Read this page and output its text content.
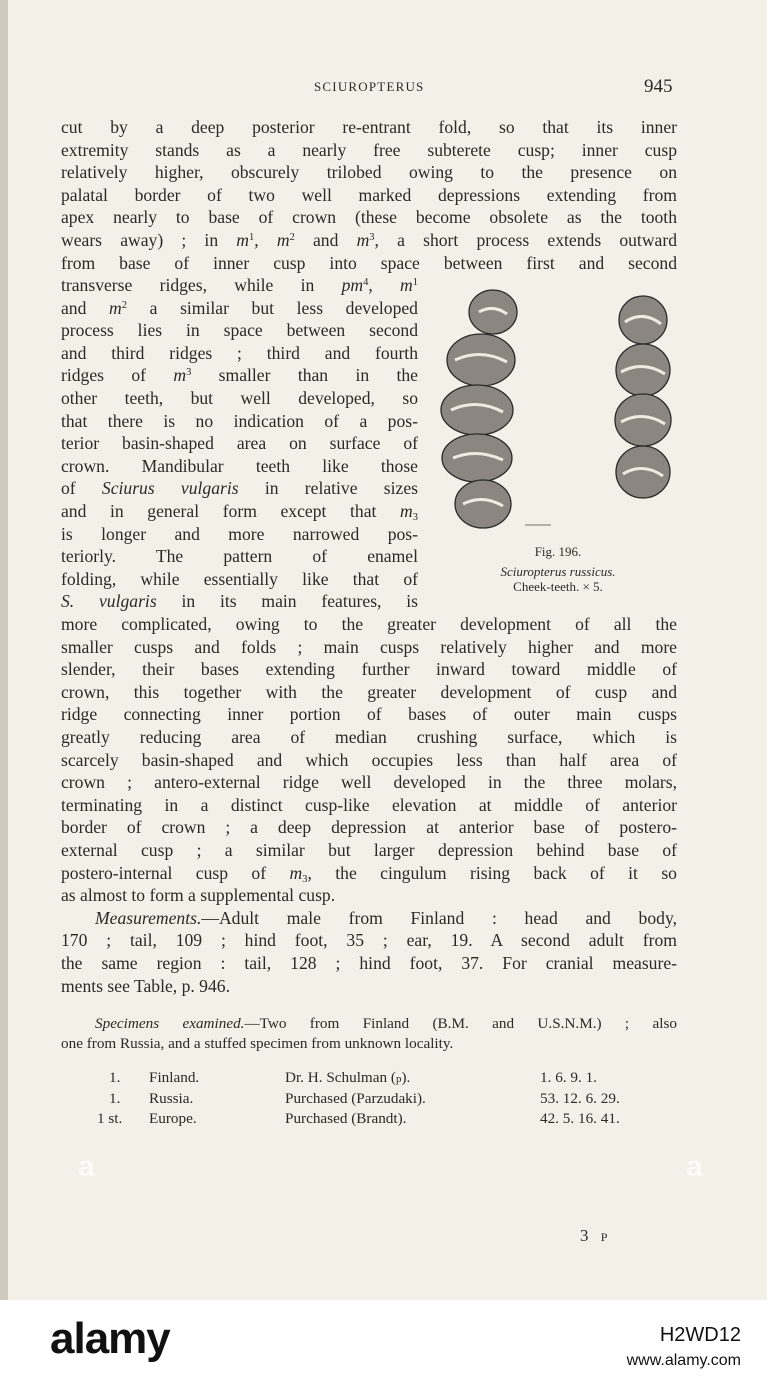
SCIUROPTERUS	945
cut by a deep posterior re-entrant fold, so that its inner
extremity stands as a nearly free subterete cusp; inner cusp
relatively higher, obscurely trilobed owing to the presence on
palatal border of two well marked depressions extending from
apex nearly to base of crown (these become obsolete as the tooth
wears away) ; in $m^1$, $m^2$ and $m^3$, a short process extends outward
from base of inner cusp into space between first and second
transverse ridges, while in $pm^4$, $m^1$
and $m^2$ a similar but less developed
process lies in space between second
and third ridges ; third and fourth
ridges of $m^3$ smaller than in the
other teeth, but well developed, so
that there is no indication of a pos-
terior basin-shaped area on surface of
crown. Mandibular teeth like those
of Sciurus vulgaris in relative sizes
and in general form except that $m_3$
is longer and more narrowed pos-
teriorly. The pattern of enamel
folding, while essentially like that of
S. vulgaris in its main features, is
Fig. 196.
Sciuropterus russicus.
Cheek-teeth. × 5.
more complicated, owing to the greater development of all the
smaller cusps and folds ; main cusps relatively higher and more
slender, their bases extending further inward toward middle of
crown, this together with the greater development of cusp and
ridge connecting inner portion of bases of outer main cusps
greatly reducing area of median crushing surface, which is
scarcely basin-shaped and which occupies less than half area of
crown ; antero-external ridge well developed in the three molars,
terminating in a distinct cusp-like elevation at middle of anterior
border of crown ; a deep depression at anterior base of postero-
external cusp ; a similar but larger depression behind base of
postero-internal cusp of $m_3$, the cingulum rising back of it so
as almost to form a supplemental cusp.
Measurements.—Adult male from Finland : head and body,
170 ; tail, 109 ; hind foot, 35 ; ear, 19. A second adult from
the same region : tail, 128 ; hind foot, 37. For cranial measure-
ments see Table, p. 946.
Specimens examined.—Two from Finland (B.M. and U.S.N.M.) ; also
one from Russia, and a stuffed specimen from unknown locality.
1. Finland.	Dr. H. Schulman (p).	1. 6. 9. 1.
1. Russia.	Purchased (Parzudaki).	53. 12. 6. 29.
1 st. Europe.	Purchased (Brandt).	42. 5. 16. 41.
3 P
a	a
alamy	H2WD12
www.alamy.com
